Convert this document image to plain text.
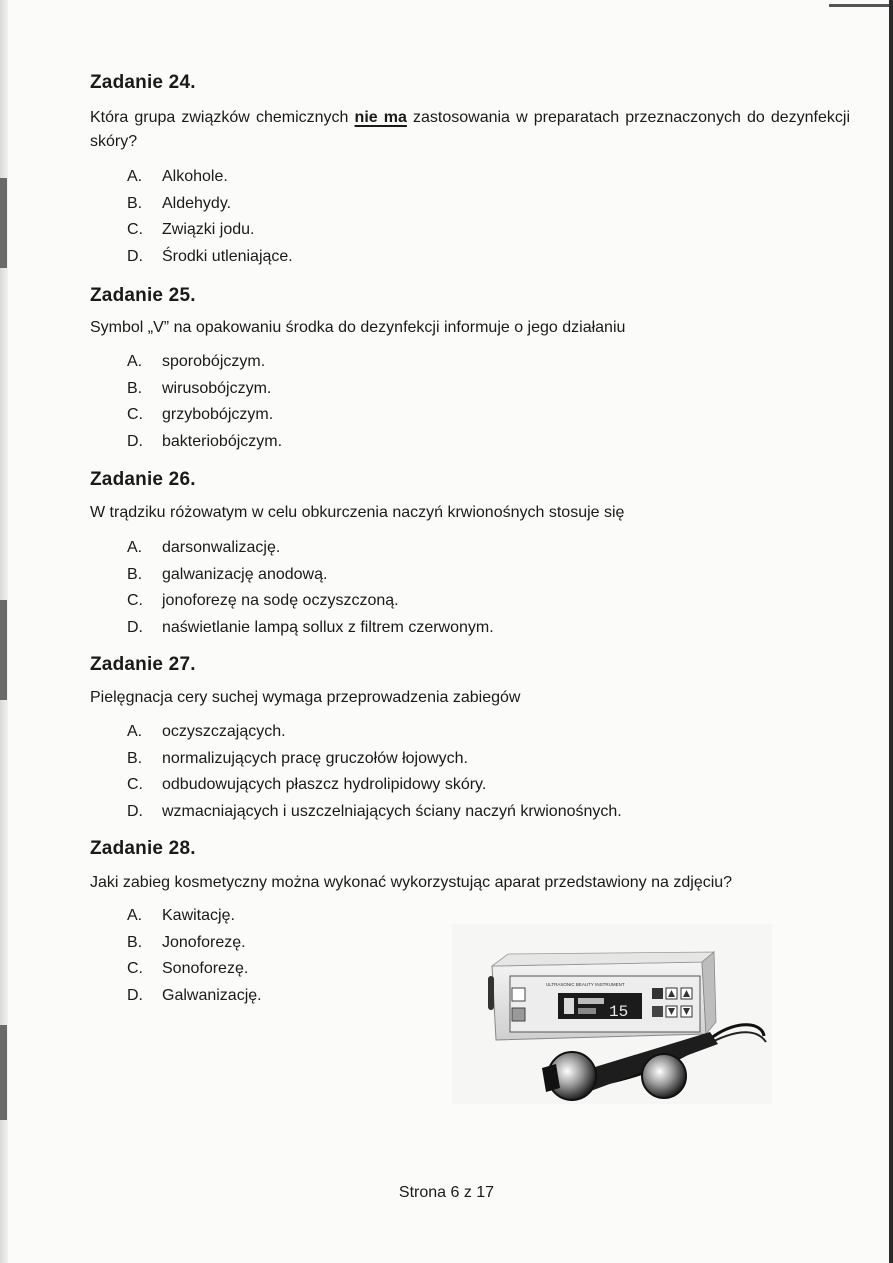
Zadanie 24.
Która grupa związków chemicznych nie ma zastosowania w preparatach przeznaczonych do dezynfekcji skóry?
A. Alkohole.
B. Aldehydy.
C. Związki jodu.
D. Środki utleniające.
Zadanie 25.
Symbol „V” na opakowaniu środka do dezynfekcji informuje o jego działaniu
A. sporobójczym.
B. wirusobójczym.
C. grzybobójczym.
D. bakteriobójczym.
Zadanie 26.
W trądziku różowatym w celu obkurczenia naczyń krwionośnych stosuje się
A. darsonwalizację.
B. galwanizację anodową.
C. jonoforezę na sodę oczyszczoną.
D. naświetlanie lampą sollux z filtrem czerwonym.
Zadanie 27.
Pielęgnacja cery suchej wymaga przeprowadzenia zabiegów
A. oczyszczających.
B. normalizujących pracę gruczołów łojowych.
C. odbudowujących płaszcz hydrolipidowy skóry.
D. wzmacniających i uszczelniających ściany naczyń krwionośnych.
Zadanie 28.
Jaki zabieg kosmetyczny można wykonać wykorzystując aparat przedstawiony na zdjęciu?
A. Kawitację.
B. Jonoforezę.
C. Sonoforezę.
D. Galwanizację.
ULTRASONIC BEAUTY INSTRUMENT
15
Strona 6 z 17
